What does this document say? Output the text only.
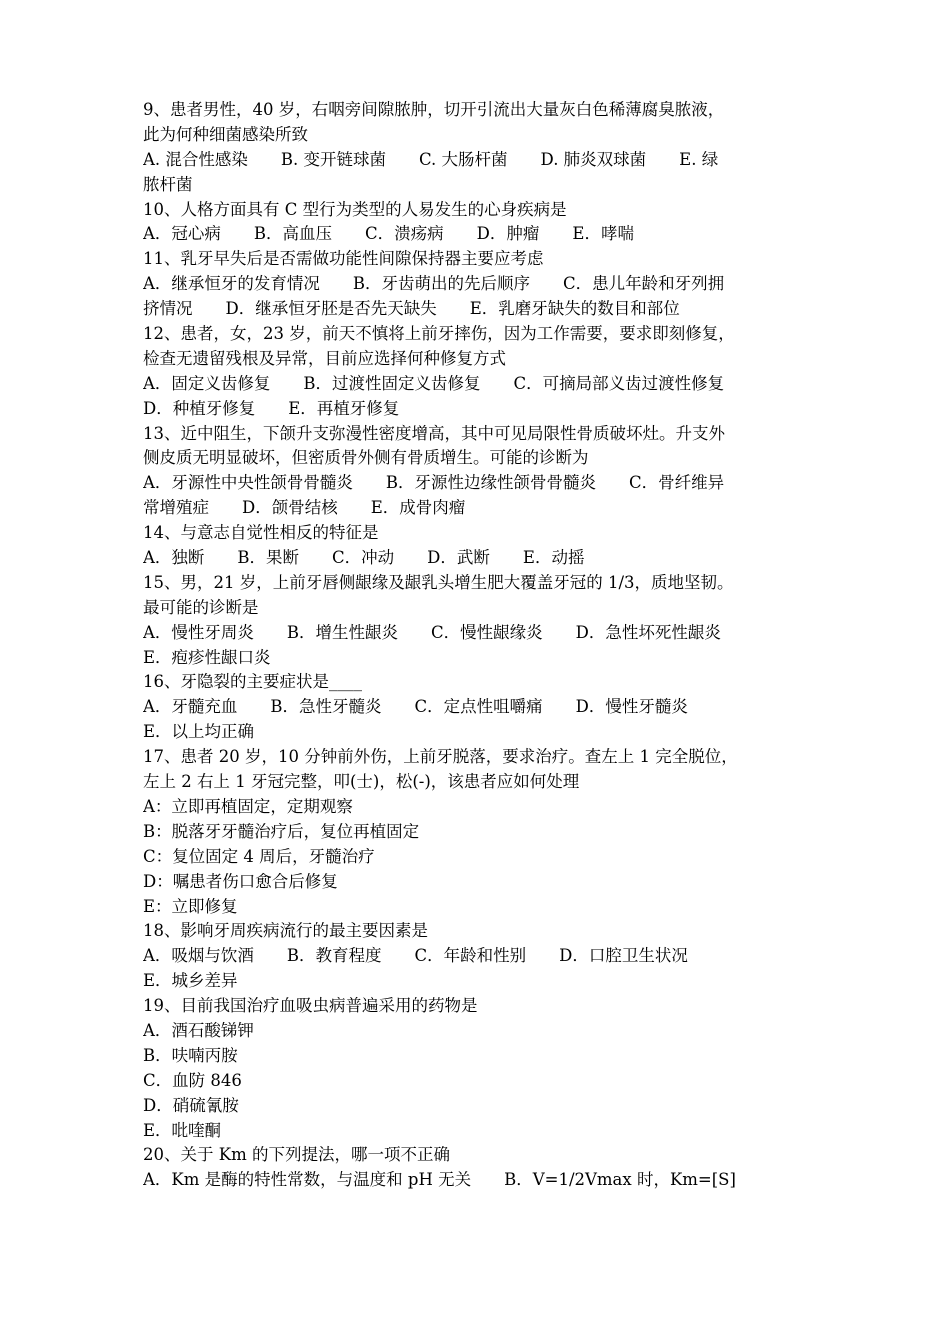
9、患者男性，40 岁，右咽旁间隙脓肿，切开引流出大量灰白色稀薄腐臭脓液，
此为何种细菌感染所致
A. 混合性感染　　B. 变开链球菌　　C. 大肠杆菌　　D. 肺炎双球菌　　E. 绿
脓杆菌
10、人格方面具有 C 型行为类型的人易发生的心身疾病是
A．冠心病　　B．高血压　　C．溃疡病　　D．肿瘤　　E．哮喘
11、乳牙早失后是否需做功能性间隙保持器主要应考虑
A．继承恒牙的发育情况　　B．牙齿萌出的先后顺序　　C．患儿年龄和牙列拥
挤情况　　D．继承恒牙胚是否先天缺失　　E．乳磨牙缺失的数目和部位
12、患者，女，23 岁，前天不慎将上前牙摔伤，因为工作需要，要求即刻修复，
检查无遗留残根及异常，目前应选择何种修复方式
A．固定义齿修复　　B．过渡性固定义齿修复　　C．可摘局部义齿过渡性修复
D．种植牙修复　　E．再植牙修复
13、近中阻生，下颌升支弥漫性密度增高，其中可见局限性骨质破坏灶。升支外
侧皮质无明显破坏，但密质骨外侧有骨质增生。可能的诊断为
A．牙源性中央性颌骨骨髓炎　　B．牙源性边缘性颌骨骨髓炎　　C．骨纤维异
常增殖症　　D．颌骨结核　　E．成骨肉瘤
14、与意志自觉性相反的特征是
A．独断　　B．果断　　C．冲动　　D．武断　　E．动摇
15、男，21 岁，上前牙唇侧龈缘及龈乳头增生肥大覆盖牙冠的 1/3，质地坚韧。
最可能的诊断是
A．慢性牙周炎　　B．增生性龈炎　　C．慢性龈缘炎　　D．急性坏死性龈炎
E．疱疹性龈口炎
16、牙隐裂的主要症状是____
A．牙髓充血　　B．急性牙髓炎　　C．定点性咀嚼痛　　D．慢性牙髓炎
E．以上均正确
17、患者 20 岁，10 分钟前外伤，上前牙脱落，要求治疗。查左上 1 完全脱位，
左上 2 右上 1 牙冠完整，叩(士)，松(-)，该患者应如何处理
A：立即再植固定，定期观察
B：脱落牙牙髓治疗后，复位再植固定
C：复位固定 4 周后，牙髓治疗
D：嘱患者伤口愈合后修复
E：立即修复
18、影响牙周疾病流行的最主要因素是
A．吸烟与饮酒　　B．教育程度　　C．年龄和性别　　D．口腔卫生状况
E．城乡差异
19、目前我国治疗血吸虫病普遍采用的药物是
A．酒石酸锑钾
B．呋喃丙胺
C．血防 846
D．硝硫氰胺
E．吡喹酮
20、关于 Km 的下列提法，哪一项不正确
A．Km 是酶的特性常数，与温度和 pH 无关　　B．V=1/2Vmax 时，Km=[S]
